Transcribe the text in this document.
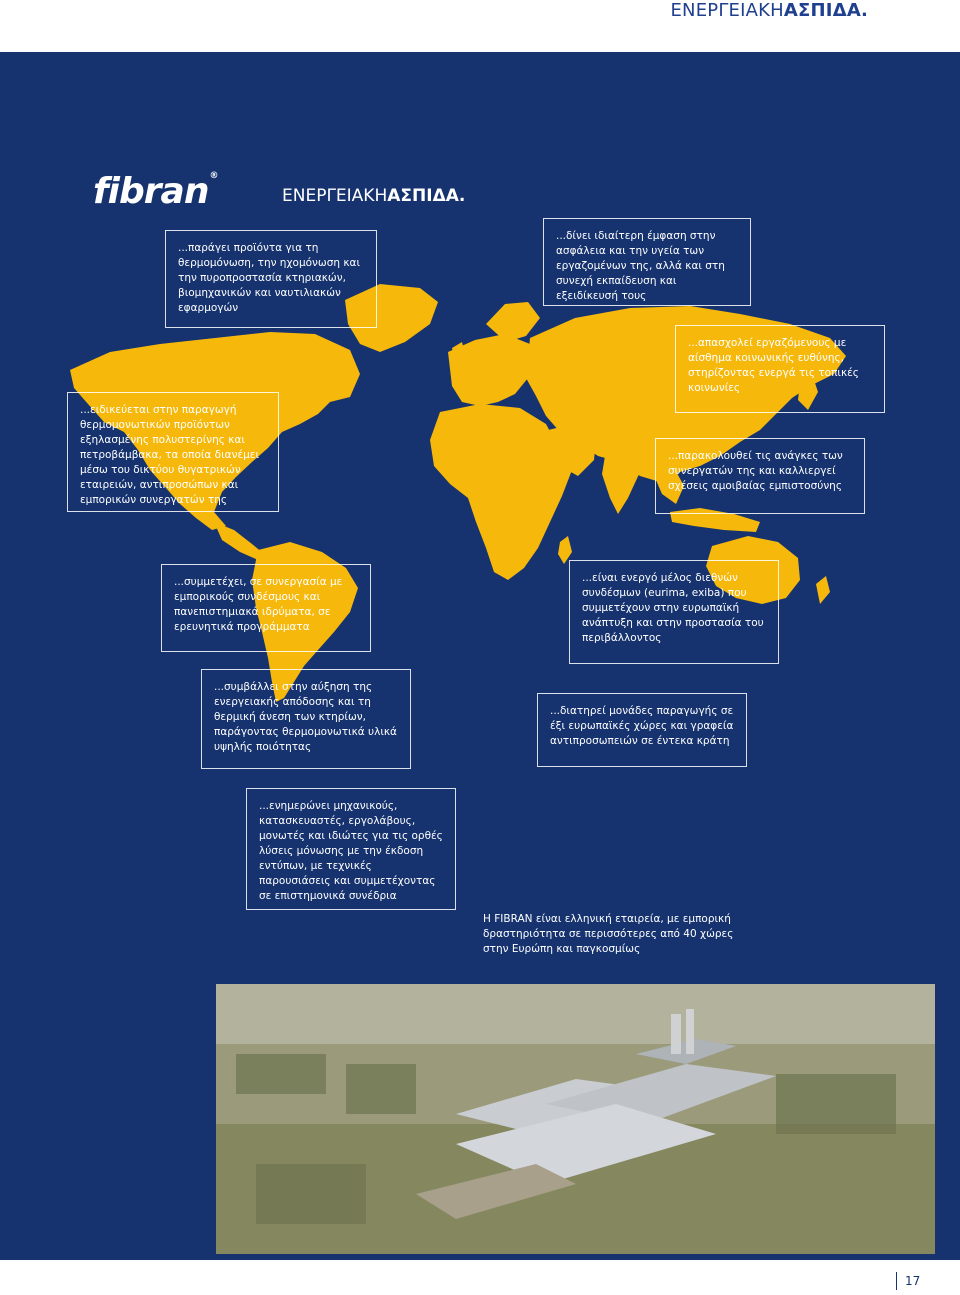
ΕΝΕΡΓΕΙΑΚΗΑΣΠΙΔΑ.
fibran®
ΕΝΕΡΓΕΙΑΚΗΑΣΠΙΔΑ.
...παράγει προϊόντα για τη θερμομόνωση, την ηχομόνωση και την πυροπροστασία κτηριακών, βιομηχανικών και ναυτιλιακών εφαρμογών
...δίνει ιδιαίτερη έμφαση στην ασφάλεια και την υγεία των εργαζομένων της, αλλά και στη συνεχή εκπαίδευση και εξειδίκευσή τους
...ειδικεύεται στην παραγωγή θερμομονωτικών προϊόντων εξηλασμένης πολυστερίνης και πετροβάμβακα, τα οποία διανέμει μέσω του δικτύου θυγατρικών εταιρειών, αντιπροσώπων και εμπορικών συνεργατών της
...απασχολεί εργαζόμενους με αίσθημα κοινωνικής ευθύνης, στηρίζοντας ενεργά τις τοπικές κοινωνίες
...παρακολουθεί τις ανάγκες των συνεργατών της και καλλιεργεί σχέσεις αμοιβαίας εμπιστοσύνης
...συμμετέχει, σε συνεργασία με εμπορικούς συνδέσμους και πανεπιστημιακά ιδρύματα, σε ερευνητικά προγράμματα
...είναι ενεργό μέλος διεθνών συνδέσμων (eurima, exiba) που συμμετέχουν στην ευρωπαϊκή ανάπτυξη και στην προστασία του περιβάλλοντος
...συμβάλλει στην αύξηση της ενεργειακής απόδοσης και τη θερμική άνεση των κτηρίων, παράγοντας θερμομονωτικά υλικά υψηλής ποιότητας
...διατηρεί μονάδες παραγωγής σε έξι ευρωπαϊκές χώρες και γραφεία αντιπροσωπειών σε έντεκα κράτη
...ενημερώνει μηχανικούς, κατασκευαστές, εργολάβους, μονωτές και ιδιώτες για τις ορθές λύσεις μόνωσης με την έκδοση εντύπων, με τεχνικές παρουσιάσεις και συμμετέχοντας σε επιστημονικά συνέδρια
Η FIBRAN είναι ελληνική εταιρεία, με εμπορική δραστηριότητα σε περισσότερες από 40 χώρες στην Ευρώπη και παγκοσμίως
17
